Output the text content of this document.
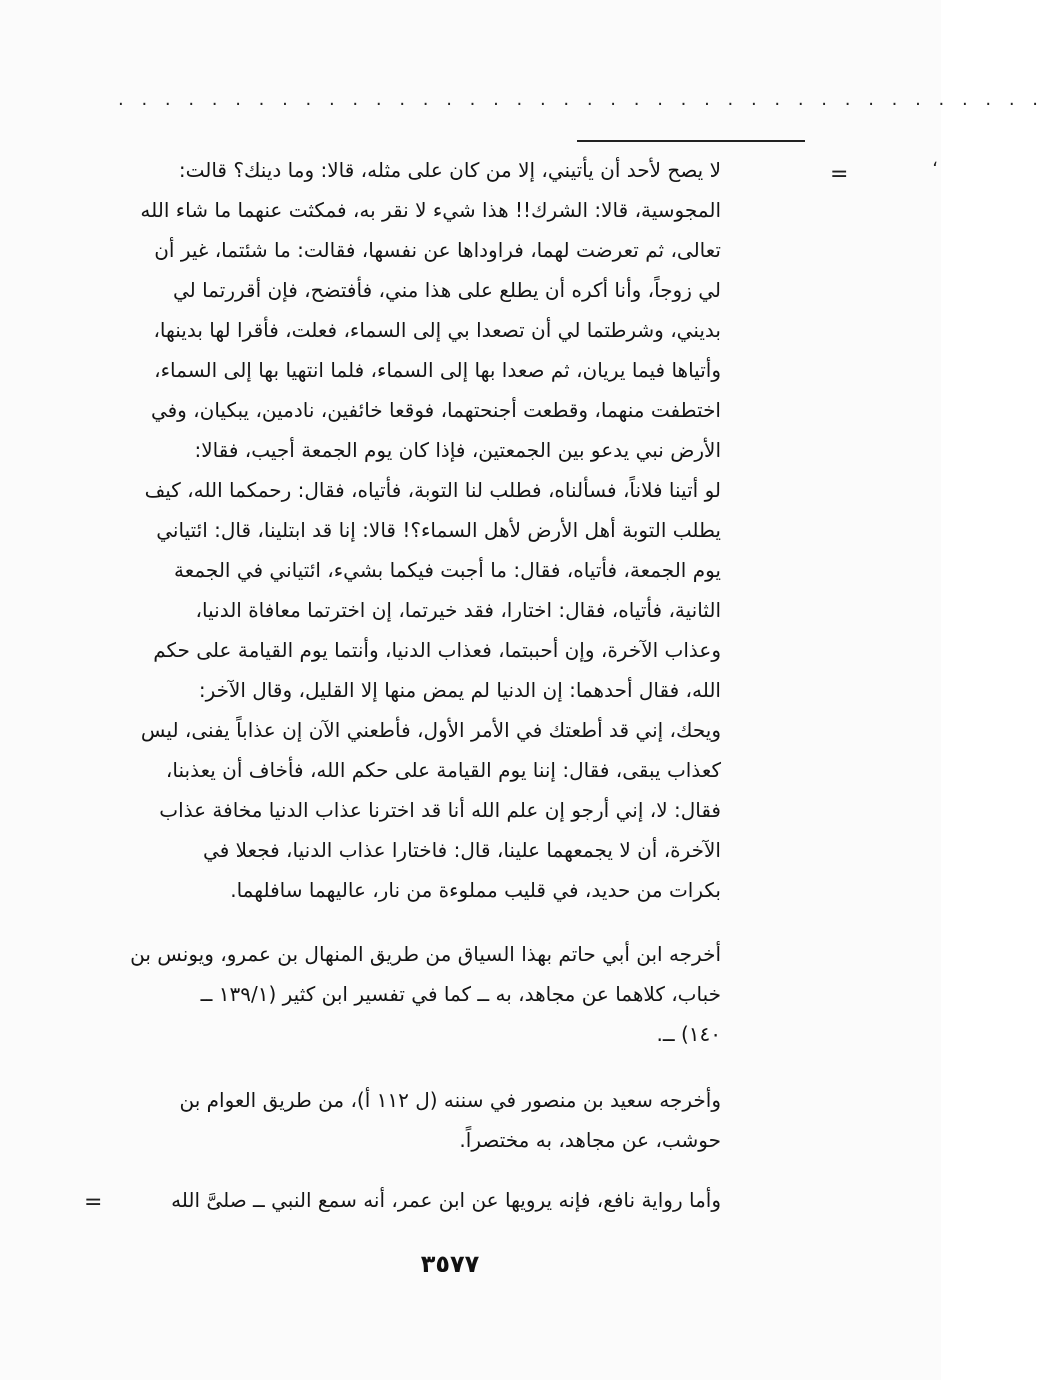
· · · · · · · · · · · · · · · · · · · · · · · · · · · · · · · · · · · · · · · ·
=
،
لا يصح لأحد أن يأتيني، إلا من كان على مثله، قالا: وما دينك؟ قالت:
المجوسية، قالا: الشرك!! هذا شيء لا نقر به، فمكثت عنهما ما شاء الله
تعالى، ثم تعرضت لهما، فراوداها عن نفسها، فقالت: ما شئتما، غير أن
لي زوجاً، وأنا أكره أن يطلع على هذا مني، فأفتضح، فإن أقررتما لي
بديني، وشرطتما لي أن تصعدا بي إلى السماء، فعلت، فأقرا لها بدينها،
وأتياها فيما يريان، ثم صعدا بها إلى السماء، فلما انتهيا بها إلى السماء،
اختطفت منهما، وقطعت أجنحتهما، فوقعا خائفين، نادمين، يبكيان، وفي
الأرض نبي يدعو بين الجمعتين، فإذا كان يوم الجمعة أجيب، فقالا:
لو أتينا فلاناً، فسألناه، فطلب لنا التوبة، فأتياه، فقال: رحمكما الله، كيف
يطلب التوبة أهل الأرض لأهل السماء؟! قالا: إنا قد ابتلينا، قال: ائتياني
يوم الجمعة، فأتياه، فقال: ما أجبت فيكما بشيء، ائتياني في الجمعة
الثانية، فأتياه، فقال: اختارا، فقد خيرتما، إن اخترتما معافاة الدنيا،
وعذاب الآخرة، وإن أحببتما، فعذاب الدنيا، وأنتما يوم القيامة على حكم
الله، فقال أحدهما: إن الدنيا لم يمض منها إلا القليل، وقال الآخر:
ويحك، إني قد أطعتك في الأمر الأول، فأطعني الآن إن عذاباً يفنى، ليس
كعذاب يبقى، فقال: إننا يوم القيامة على حكم الله، فأخاف أن يعذبنا،
فقال: لا، إني أرجو إن علم الله أنا قد اخترنا عذاب الدنيا مخافة عذاب
الآخرة، أن لا يجمعهما علينا، قال: فاختارا عذاب الدنيا، فجعلا في
بكرات من حديد، في قليب مملوءة من نار، عاليهما سافلهما.
أخرجه ابن أبي حاتم بهذا السياق من طريق المنهال بن عمرو، ويونس بن
خباب، كلاهما عن مجاهد، به ــ كما في تفسير ابن كثير (١٣٩/١ ــ
١٤٠) ــ.
وأخرجه سعيد بن منصور في سننه (ل ١١٢ أ)، من طريق العوام بن
حوشب، عن مجاهد، به مختصراً.
وأما رواية نافع، فإنه يرويها عن ابن عمر، أنه سمع النبي ــ صلىَّ الله
=
٣٥٧٧
